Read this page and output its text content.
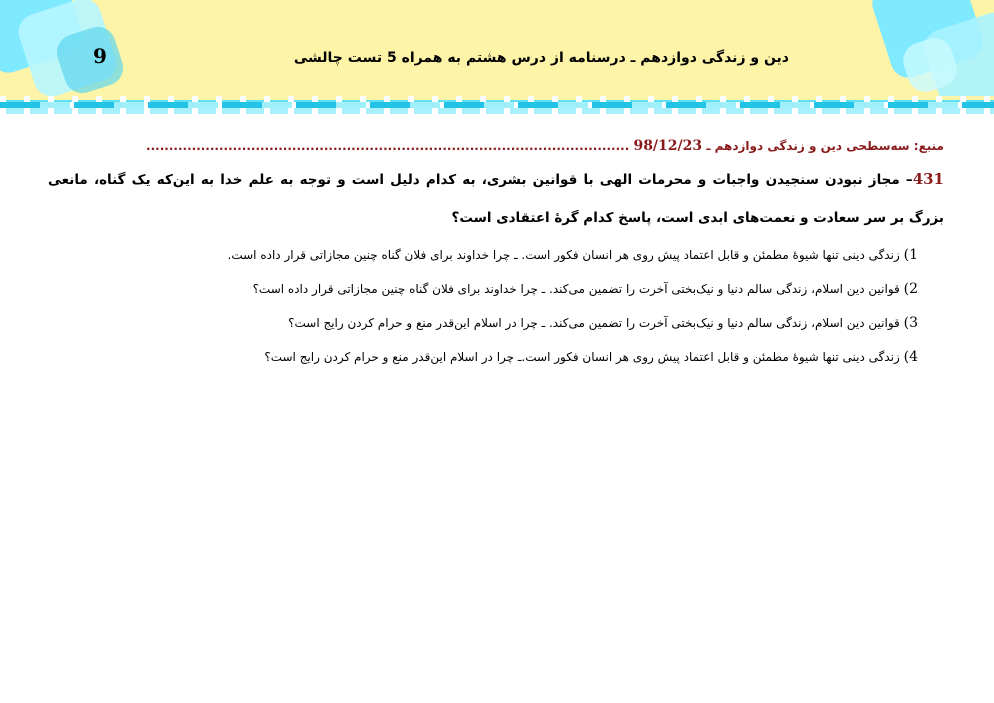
9	دین و زندگی دوازدهم ـ درسنامه از درس هشتم به همراه 5 تست چالشی
منبع: سه‌سطحی دین و زندگی دوازدهم ـ 98/12/23 ..........................................................................................................
431– مجاز نبودن سنجیدن واجبات و محرمات الهی با قوانین بشری، به کدام دلیل است و توجه به علم خدا به این‌که یک گناه، مانعی بزرگ بر سر سعادت و نعمت‌های ابدی است، پاسخ کدام گرۀ اعتقادی است؟
1) زندگی دینی تنها شیوۀ مطمئن و قابل اعتماد پیش روی هر انسان فکور است. ـ چرا خداوند برای فلان گناه چنین مجازاتی قرار داده است.
2) قوانین دین اسلام، زندگی سالم دنیا و نیک‌بختی آخرت را تضمین می‌کند. ـ چرا خداوند برای فلان گناه چنین مجازاتی قرار داده است؟
3) قوانین دین اسلام، زندگی سالم دنیا و نیک‌بختی آخرت را تضمین می‌کند. ـ چرا در اسلام این‌قدر منع و حرام کردن رایج است؟
4) زندگی دینی تنها شیوۀ مطمئن و قابل اعتماد پیش روی هر انسان فکور است.ـ چرا در اسلام این‌قدر منع و حرام کردن رایج است؟
